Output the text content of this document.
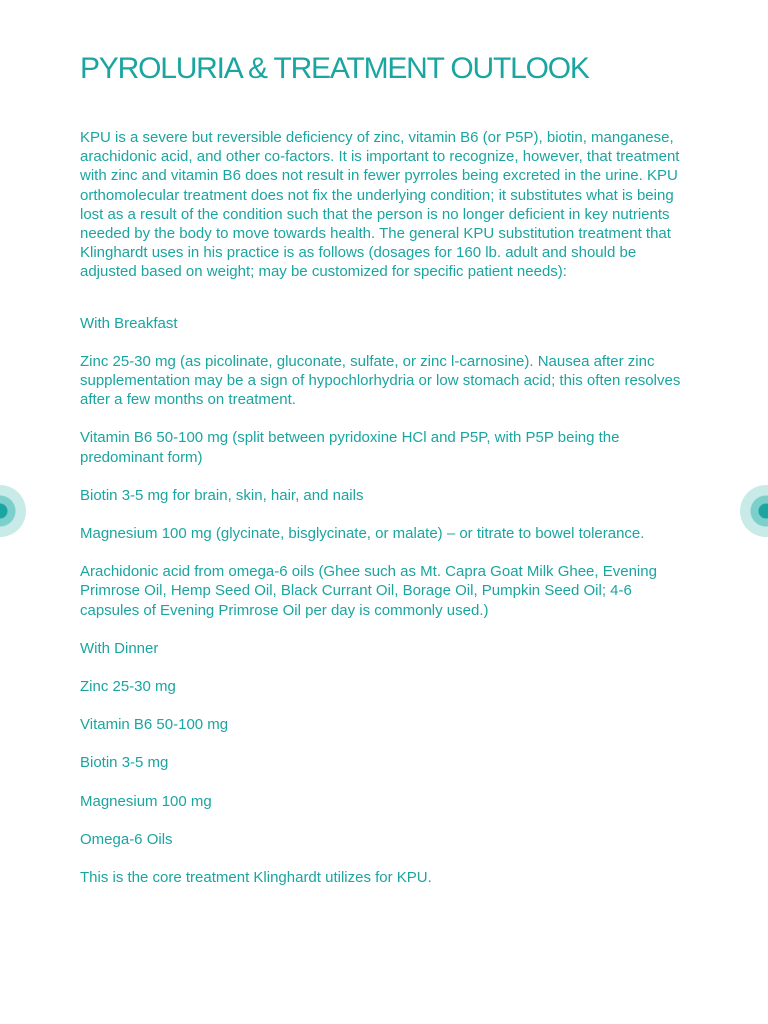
PYROLURIA & TREATMENT OUTLOOK

KPU is a severe but reversible deficiency of zinc, vitamin B6 (or P5P), biotin, manganese, arachidonic acid, and other co-factors. It is important to recognize, however, that treatment with zinc and vitamin B6 does not result in fewer pyrroles being excreted in the urine. KPU orthomolecular treatment does not fix the underlying condition; it substitutes what is being lost as a result of the condition such that the person is no longer deficient in key nutrients needed by the body to move towards health. The general KPU substitution treatment that Klinghardt uses in his practice is as follows (dosages for 160 lb. adult and should be adjusted based on weight; may be customized for specific patient needs):

With Breakfast

Zinc 25-30 mg (as picolinate, gluconate, sulfate, or zinc l-carnosine). Nausea after zinc supplementation may be a sign of hypochlorhydria or low stomach acid; this often resolves after a few months on treatment.

Vitamin B6 50-100 mg (split between pyridoxine HCl and P5P, with P5P being the predominant form)

Biotin 3-5 mg for brain, skin, hair, and nails

Magnesium 100 mg (glycinate, bisglycinate, or malate) – or titrate to bowel tolerance.

Arachidonic acid from omega-6 oils (Ghee such as Mt. Capra Goat Milk Ghee, Evening Primrose Oil, Hemp Seed Oil, Black Currant Oil, Borage Oil, Pumpkin Seed Oil; 4-6 capsules of Evening Primrose Oil per day is commonly used.)

With Dinner

Zinc 25-30 mg

Vitamin B6 50-100 mg

Biotin 3-5 mg

Magnesium 100 mg

Omega-6 Oils

This is the core treatment Klinghardt utilizes for KPU.
